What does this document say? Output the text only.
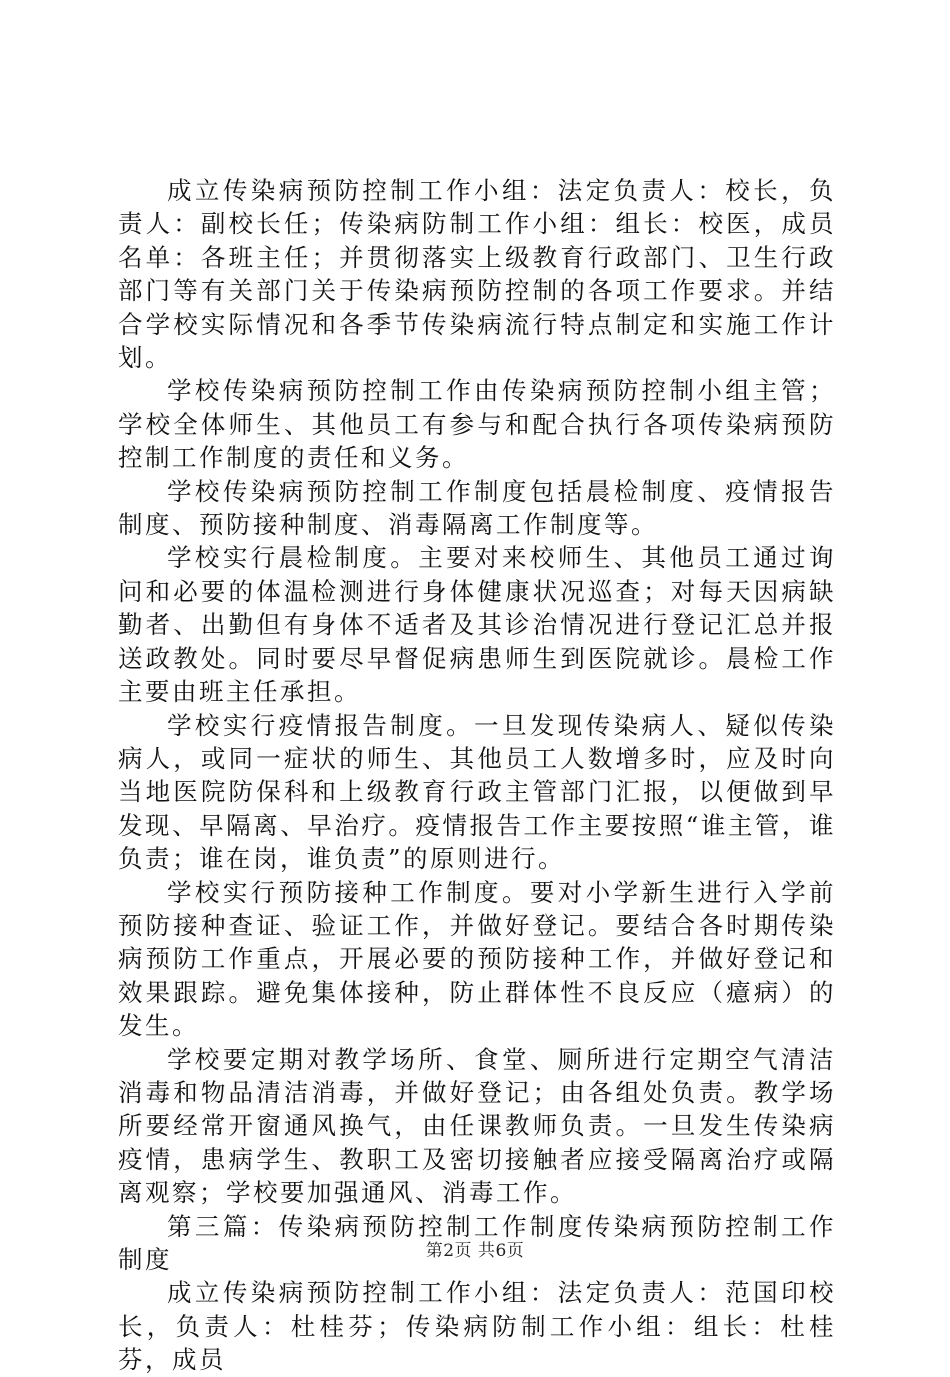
成立传染病预防控制工作小组：法定负责人：校长，负责人：副校长任；传染病防制工作小组：组长：校医，成员名单：各班主任；并贯彻落实上级教育行政部门、卫生行政部门等有关部门关于传染病预防控制的各项工作要求。并结合学校实际情况和各季节传染病流行特点制定和实施工作计划。

学校传染病预防控制工作由传染病预防控制小组主管；学校全体师生、其他员工有参与和配合执行各项传染病预防控制工作制度的责任和义务。

学校传染病预防控制工作制度包括晨检制度、疫情报告制度、预防接种制度、消毒隔离工作制度等。

学校实行晨检制度。主要对来校师生、其他员工通过询问和必要的体温检测进行身体健康状况巡查；对每天因病缺勤者、出勤但有身体不适者及其诊治情况进行登记汇总并报送政教处。同时要尽早督促病患师生到医院就诊。晨检工作主要由班主任承担。

学校实行疫情报告制度。一旦发现传染病人、疑似传染病人，或同一症状的师生、其他员工人数增多时，应及时向当地医院防保科和上级教育行政主管部门汇报，以便做到早发现、早隔离、早治疗。疫情报告工作主要按照“谁主管，谁负责；谁在岗，谁负责”的原则进行。

学校实行预防接种工作制度。要对小学新生进行入学前预防接种查证、验证工作，并做好登记。要结合各时期传染病预防工作重点，开展必要的预防接种工作，并做好登记和效果跟踪。避免集体接种，防止群体性不良反应（癔病）的发生。

学校要定期对教学场所、食堂、厕所进行定期空气清洁消毒和物品清洁消毒，并做好登记；由各组处负责。教学场所要经常开窗通风换气，由任课教师负责。一旦发生传染病疫情，患病学生、教职工及密切接触者应接受隔离治疗或隔离观察；学校要加强通风、消毒工作。

第三篇：传染病预防控制工作制度传染病预防控制工作制度

成立传染病预防控制工作小组：法定负责人：范国印校长，负责人：杜桂芬；传染病防制工作小组：组长：杜桂芬，成员

第2页 共6页
